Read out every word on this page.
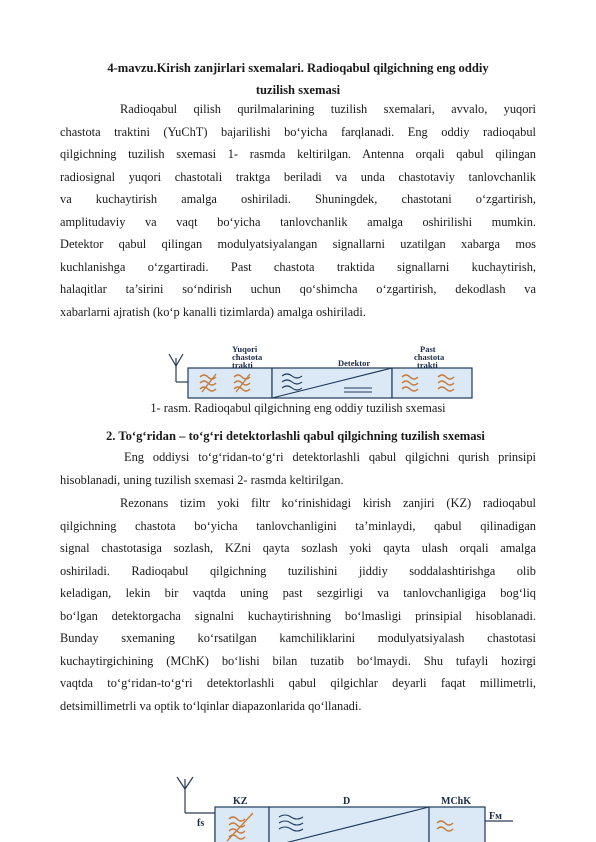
4-mavzu.Kirish zanjirlari sxemalari. Radioqabul qilgichning eng oddiy
tuzilish sxemasi
Radioqabul qilish qurilmalarining tuzilish sxemalari, avvalo, yuqori
chastota traktini (YuChT) bajarilishi bo‘yicha farqlanadi. Eng oddiy radioqabul
qilgichning tuzilish sxemasi 1- rasmda keltirilgan. Antenna orqali qabul qilingan
radiosignal yuqori chastotali traktga beriladi va unda chastotaviy tanlovchanlik
va kuchaytirish amalga oshiriladi. Shuningdek, chastotani o‘zgartirish,
amplitudaviy va vaqt bo‘yicha tanlovchanlik amalga oshirilishi mumkin.
Detektor qabul qilingan modulyatsiyalangan signallarni uzatilgan xabarga mos
kuchlanishga o‘zgartiradi. Past chastota traktida signallarni kuchaytirish,
halaqitlar ta’sirini so‘ndirish uchun qo‘shimcha o‘zgartirish, dekodlash va
xabarlarni ajratish (ko‘p kanalli tizimlarda) amalga oshiriladi.
Yuqori
chastota
trakti	Detektor
Past
chastota
trakti
1- rasm. Radioqabul qilgichning eng oddiy tuzilish sxemasi
2. To‘g‘ridan – to‘g‘ri detektorlashli qabul qilgichning tuzilish sxemasi
Eng oddiysi to‘g‘ridan-to‘g‘ri detektorlashli qabul qilgichni qurish prinsipi
hisoblanadi, uning tuzilish sxemasi 2- rasmda keltirilgan.
Rezonans tizim yoki filtr ko‘rinishidagi kirish zanjiri (KZ) radioqabul
qilgichning chastota bo‘yicha tanlovchanligini ta’minlaydi, qabul qilinadigan
signal chastotasiga sozlash, KZni qayta sozlash yoki qayta ulash orqali amalga
oshiriladi. Radioqabul qilgichning tuzilishini jiddiy soddalashtirishga olib
keladigan, lekin bir vaqtda uning past sezgirligi va tanlovchanligiga bog‘liq
bo‘lgan detektorgacha signalni kuchaytirishning bo‘lmasligi prinsipial hisoblanadi.
Bunday sxemaning ko‘rsatilgan kamchiliklarini modulyatsiyalash chastotasi
kuchaytirgichining (MChK) bo‘lishi bilan tuzatib bo‘lmaydi. Shu tufayli hozirgi
vaqtda to‘g‘ridan-to‘g‘ri detektorlashli qabul qilgichlar deyarli faqat millimetrli,
detsimillimetrli va optik to‘lqinlar diapazonlarida qo‘llanadi.
KZ	D	MChK
fs
Fм
